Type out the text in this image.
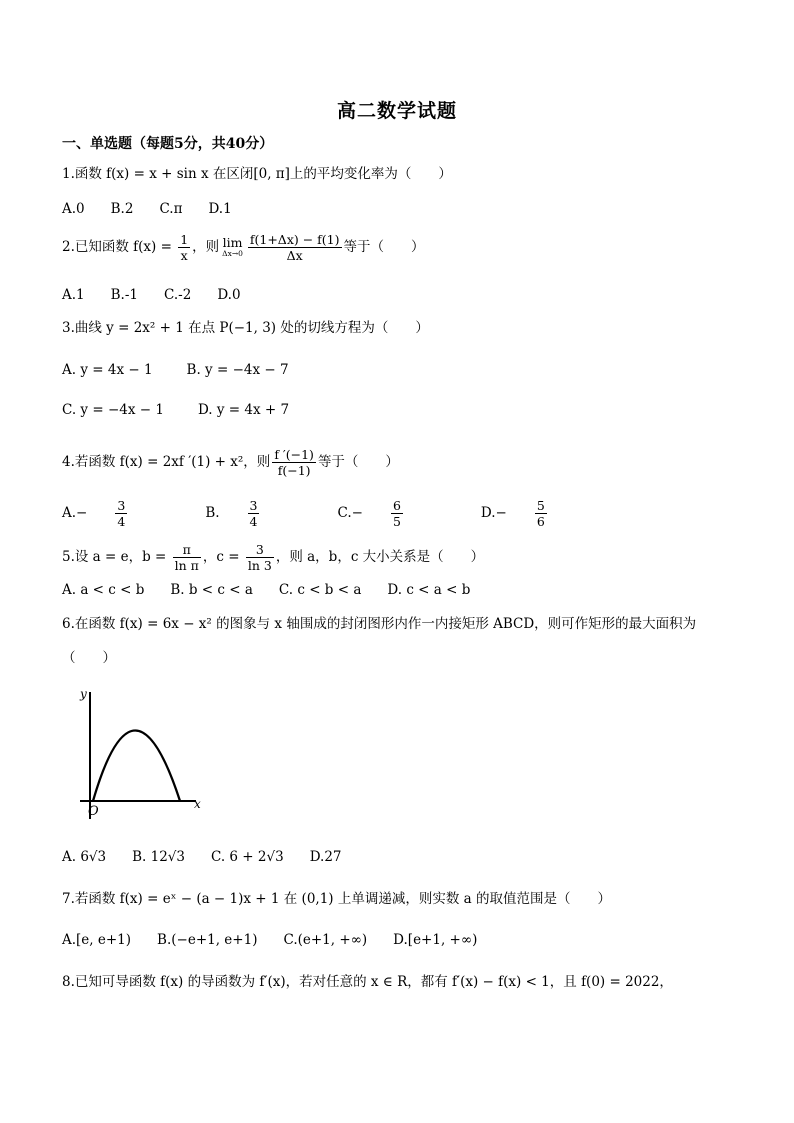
高二数学试题
一、单选题（每题5分，共40分）
1.函数 f(x) = x + sin x 在区闭[0, π]上的平均变化率为（　　）
A.0 B.2 C.π D.1
2.已知函数 $f(x) = \frac{1}{x}$ ，则 lim
$\Delta x\to 0 \frac{f(1+\Delta x) - f(1)}{\Delta x}$ 等于（　　）
A.1 B.-1 C.-2 D.0
3.曲线 y = 2x² + 1 在点 P(−1, 3) 处的切线方程为（　　）
A. y = 4x − 1	B. y = −4x − 7
C. y = −4x − 1	D. y = 4x + 7
4.若函数 f(x) = 2xf ′(1) + x²，则 $\frac{f '(-1)}{f(-1)}$ 等于（　　）
$A.- \frac{3}{4}$	B. $\frac{3}{4}$	$C.- \frac{6}{5}$	$D.- \frac{5}{6}$
5.设 a = e，$b = \frac{\pi}{\text{ln π}}$ ，$c = \frac{3}{\ln 3}$ ，则 a，b，c 大小关系是（　　）
A. a < c < b B. b < c < a C. c < b < a D. c < a < b
6.在函数 f(x) = 6x − x² 的图象与 x 轴围成的封闭图形内作一内接矩形 ABCD，则可作矩形的最大面积为
（　　）
y
x
O
A. 6√3 B. 12√3 C. 6 + 2√3 D.27
7.若函数 f(x) = eˣ − (a − 1)x + 1 在 (0,1) 上单调递减，则实数 a 的取值范围是（　　）
A.[e, e+1) B.(−e+1, e+1) C.(e+1, +∞) D.[e+1, +∞)
8.已知可导函数 f(x) 的导函数为 f′(x)，若对任意的 x ∈ R，都有 f′(x) − f(x) < 1，且 f(0) = 2022，
